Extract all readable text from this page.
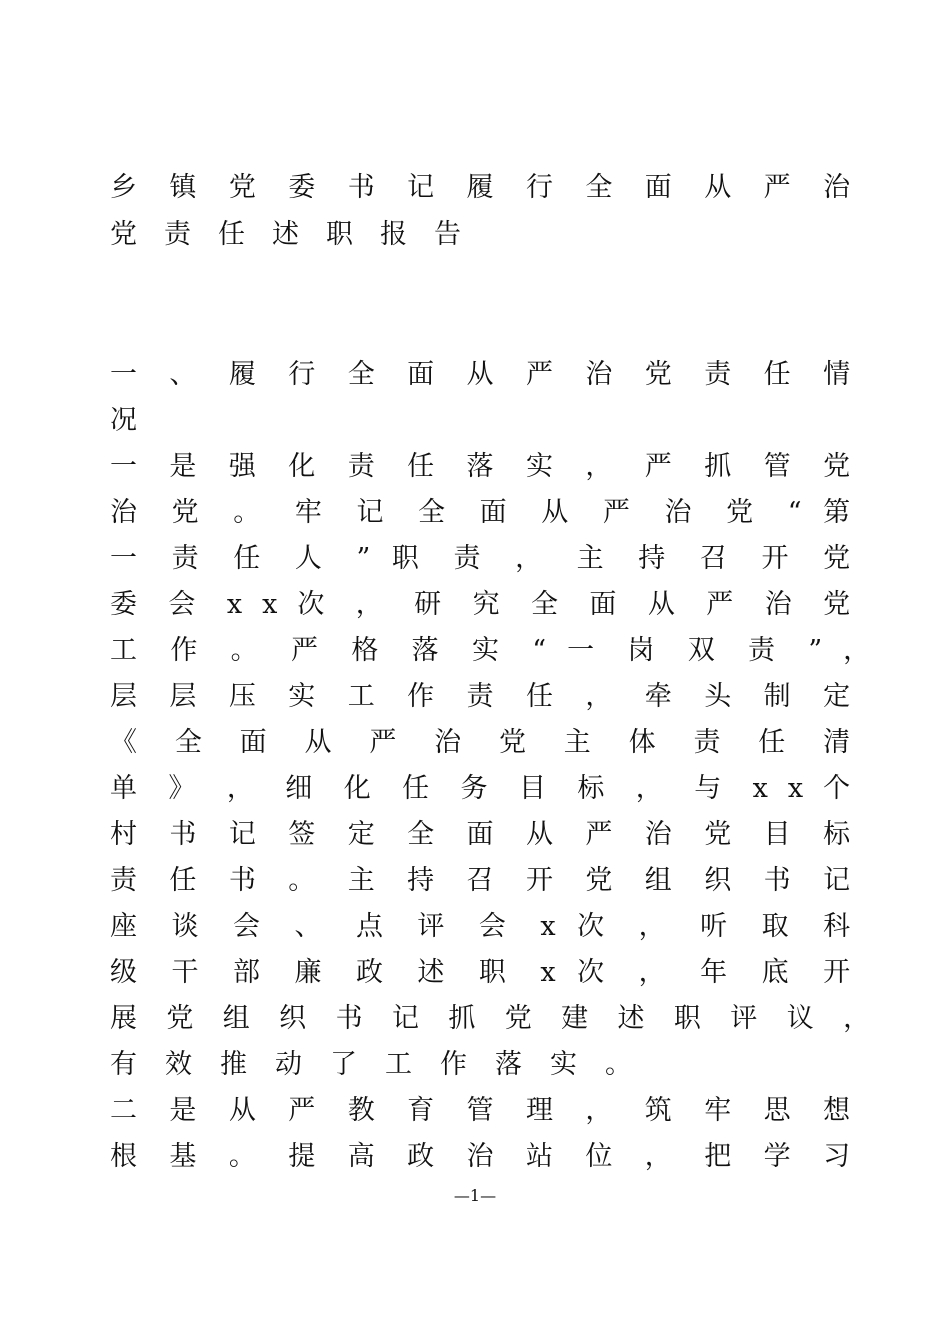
乡 镇 党 委 书 记 履 行 全 面 从 严 治
党责任述职报告
一 、 履 行 全 面 从 严 治 党 责 任 情
况
一 是 强 化 责 任 落 实 ， 严 抓 管 党
治 党 。 牢 记 全 面 从 严 治 党 “ 第
一 责 任 人 ” 职 责 ， 主 持 召 开 党
委 会 x x 次 ， 研 究 全 面 从 严 治 党
工 作 。 严 格 落 实 “ 一 岗 双 责 ” ，
层 层 压 实 工 作 责 任 ， 牵 头 制 定
《 全 面 从 严 治 党 主 体 责 任 清
单 》 ， 细 化 任 务 目 标 ， 与 x x 个
村 书 记 签 定 全 面 从 严 治 党 目 标
责 任 书 。 主 持 召 开 党 组 织 书 记
座 谈 会 、 点 评 会 x 次 ， 听 取 科
级 干 部 廉 政 述 职 x 次 ， 年 底 开
展 党 组 织 书 记 抓 党 建 述 职 评 议 ，
有效推动了工作落实。
二 是 从 严 教 育 管 理 ， 筑 牢 思 想
根 基 。 提 高 政 治 站 位 ， 把 学 习
—1—
